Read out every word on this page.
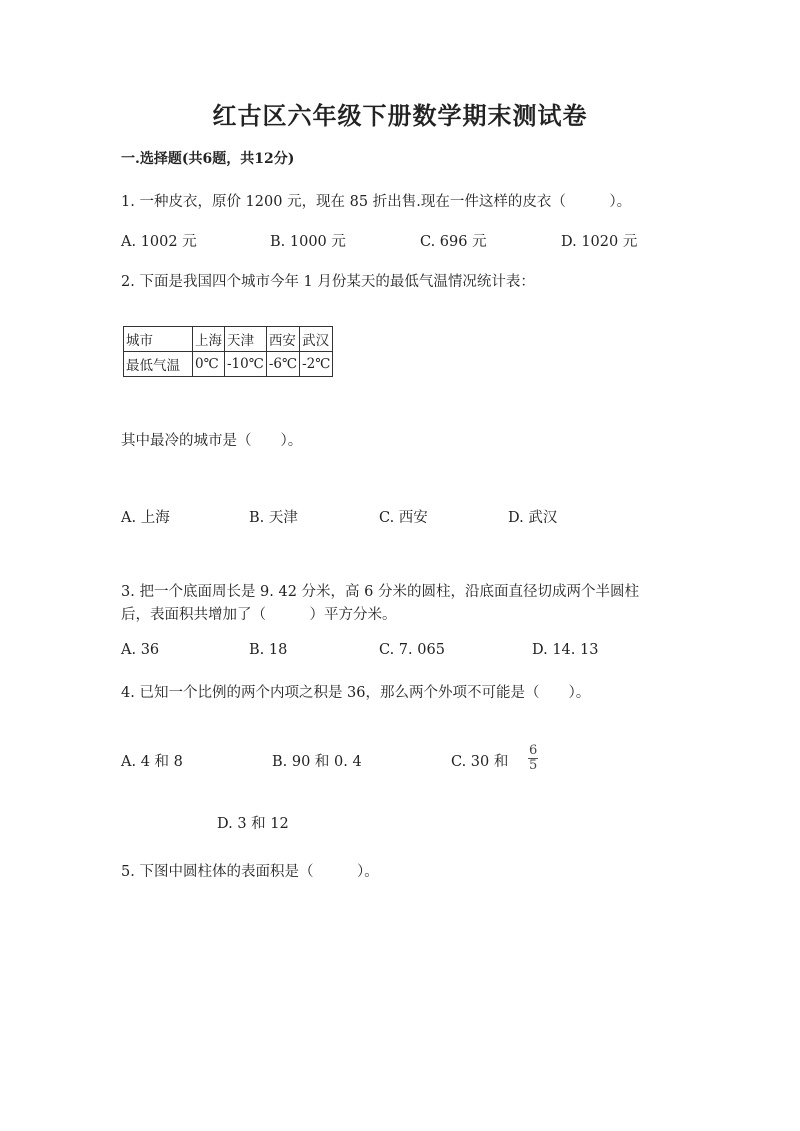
红古区六年级下册数学期末测试卷
一.选择题(共6题，共12分)
1. 一种皮衣，原价 1200 元，现在 85 折出售.现在一件这样的皮衣（　　　）。
A. 1002 元	B. 1000 元	C. 696 元	D. 1020 元
2. 下面是我国四个城市今年 1 月份某天的最低气温情况统计表：
城市	上海	天津	西安	武汉
最低气温	0℃	-10℃	-6℃	-2℃
其中最冷的城市是（　　）。
A. 上海	B. 天津	C. 西安	D. 武汉
3. 把一个底面周长是 9. 42 分米，高 6 分米的圆柱，沿底面直径切成两个半圆柱
后，表面积共增加了（　　　）平方分米。
A. 36	B. 18	C. 7. 065	D. 14. 13
4. 已知一个比例的两个内项之积是 36，那么两个外项不可能是（　　）。
A. 4 和 8	B. 90 和 0. 4	C. 30 和 $\frac{6}{5}$
D. 3 和 12
5. 下图中圆柱体的表面积是（　　　）。
